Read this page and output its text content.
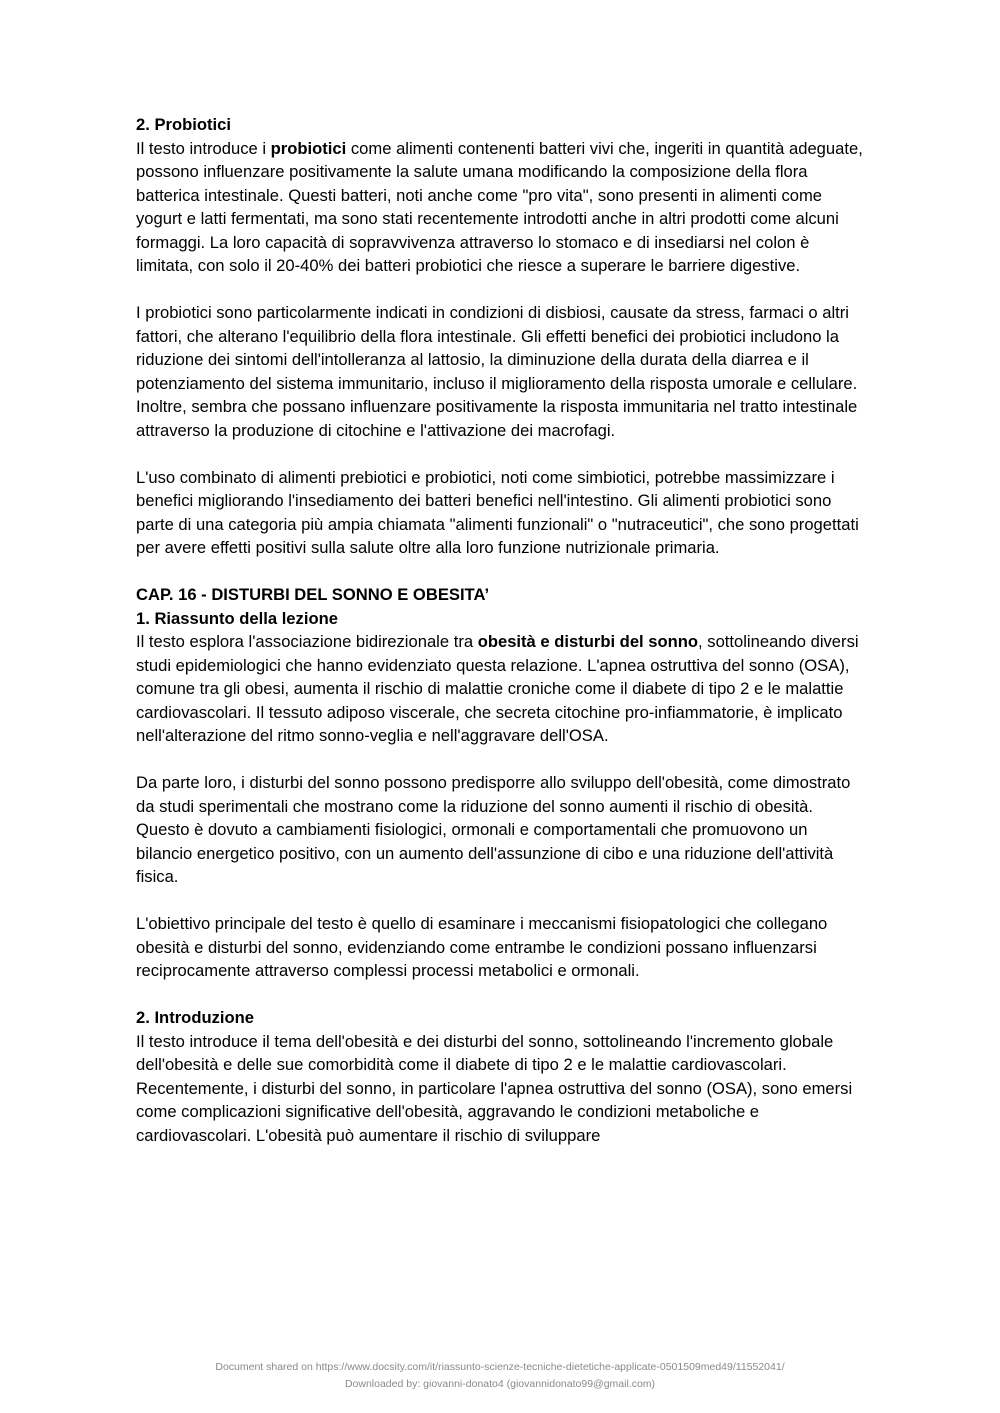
2. Probiotici

Il testo introduce i probiotici come alimenti contenenti batteri vivi che, ingeriti in quantità adeguate, possono influenzare positivamente la salute umana modificando la composizione della flora batterica intestinale. Questi batteri, noti anche come "pro vita", sono presenti in alimenti come yogurt e latti fermentati, ma sono stati recentemente introdotti anche in altri prodotti come alcuni formaggi. La loro capacità di sopravvivenza attraverso lo stomaco e di insediarsi nel colon è limitata, con solo il 20-40% dei batteri probiotici che riesce a superare le barriere digestive.

I probiotici sono particolarmente indicati in condizioni di disbiosi, causate da stress, farmaci o altri fattori, che alterano l'equilibrio della flora intestinale. Gli effetti benefici dei probiotici includono la riduzione dei sintomi dell'intolleranza al lattosio, la diminuzione della durata della diarrea e il potenziamento del sistema immunitario, incluso il miglioramento della risposta umorale e cellulare. Inoltre, sembra che possano influenzare positivamente la risposta immunitaria nel tratto intestinale attraverso la produzione di citochine e l'attivazione dei macrofagi.

L'uso combinato di alimenti prebiotici e probiotici, noti come simbiotici, potrebbe massimizzare i benefici migliorando l'insediamento dei batteri benefici nell'intestino. Gli alimenti probiotici sono parte di una categoria più ampia chiamata "alimenti funzionali" o "nutraceutici", che sono progettati per avere effetti positivi sulla salute oltre alla loro funzione nutrizionale primaria.

CAP. 16 - DISTURBI DEL SONNO E OBESITA’

1. Riassunto della lezione

Il testo esplora l'associazione bidirezionale tra obesità e disturbi del sonno, sottolineando diversi studi epidemiologici che hanno evidenziato questa relazione. L'apnea ostruttiva del sonno (OSA), comune tra gli obesi, aumenta il rischio di malattie croniche come il diabete di tipo 2 e le malattie cardiovascolari. Il tessuto adiposo viscerale, che secreta citochine pro-infiammatorie, è implicato nell'alterazione del ritmo sonno-veglia e nell'aggravare dell'OSA.

Da parte loro, i disturbi del sonno possono predisporre allo sviluppo dell'obesità, come dimostrato da studi sperimentali che mostrano come la riduzione del sonno aumenti il rischio di obesità. Questo è dovuto a cambiamenti fisiologici, ormonali e comportamentali che promuovono un bilancio energetico positivo, con un aumento dell'assunzione di cibo e una riduzione dell'attività fisica.

L'obiettivo principale del testo è quello di esaminare i meccanismi fisiopatologici che collegano obesità e disturbi del sonno, evidenziando come entrambe le condizioni possano influenzarsi reciprocamente attraverso complessi processi metabolici e ormonali.

2. Introduzione

Il testo introduce il tema dell'obesità e dei disturbi del sonno, sottolineando l'incremento globale dell'obesità e delle sue comorbidità come il diabete di tipo 2 e le malattie cardiovascolari. Recentemente, i disturbi del sonno, in particolare l'apnea ostruttiva del sonno (OSA), sono emersi come complicazioni significative dell'obesità, aggravando le condizioni metaboliche e cardiovascolari. L'obesità può aumentare il rischio di sviluppare

Document shared on https://www.docsity.com/it/riassunto-scienze-tecniche-dietetiche-applicate-0501509med49/11552041/
Downloaded by: giovanni-donato4 (giovannidonato99@gmail.com)
